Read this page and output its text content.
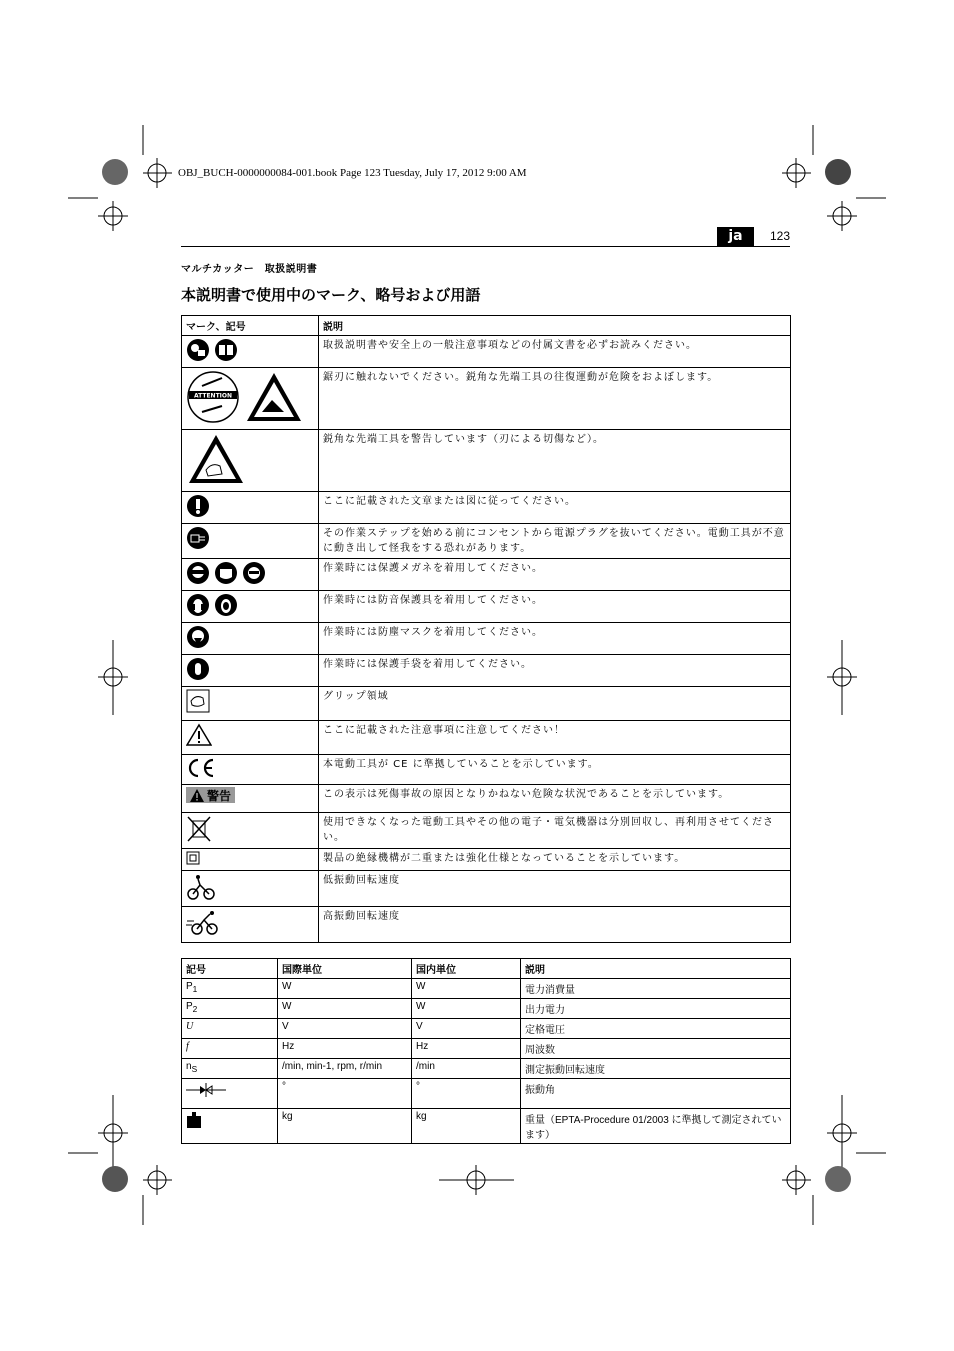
OBJ_BUCH-0000000084-001.book Page 123 Tuesday, July 17, 2012 9:00 AM
ja	123
マルチカッター　取扱説明書
本説明書で使用中のマーク、略号および用語
マーク、記号	説明

	取扱説明書や安全上の一般注意事項などの付属文書を必ずお読みください。

ATTENTION	鋸刃に触れないでください。鋭角な先端工具の往復運動が危険をおよぼします。
	鋭角な先端工具を警告しています（刃による切傷など）。
	ここに記載された文章または図に従ってください。
	その作業ステップを始める前にコンセントから電源プラグを抜いてください。電動工具が不意に動き出して怪我をする恐れがあります。

	作業時には保護メガネを着用してください。

	作業時には防音保護具を着用してください。
	作業時には防塵マスクを着用してください。
	作業時には保護手袋を着用してください。
	グリップ領域
	ここに記載された注意事項に注意してください！
	本電動工具が CE に準拠していることを示しています。

警告	この表示は死傷事故の原因となりかねない危険な状況であることを示しています。
	使用できなくなった電動工具やその他の電子・電気機器は分別回収し、再利用させてください。
	製品の絶縁機構が二重または強化仕様となっていることを示しています。
	低振動回転速度
	高振動回転速度
記号	国際単位	国内単位	説明
$P_1$	W	W	電力消費量
$P_2$	W	W	出力電力
U	V	V	定格電圧
f	Hz	Hz	周波数
$n_S$	/min, min-1, rpm, r/min	/min	測定振動回転速度
	°	°	振動角
	kg	kg	重量（EPTA-Procedure 01/2003 に準拠して測定されています）
